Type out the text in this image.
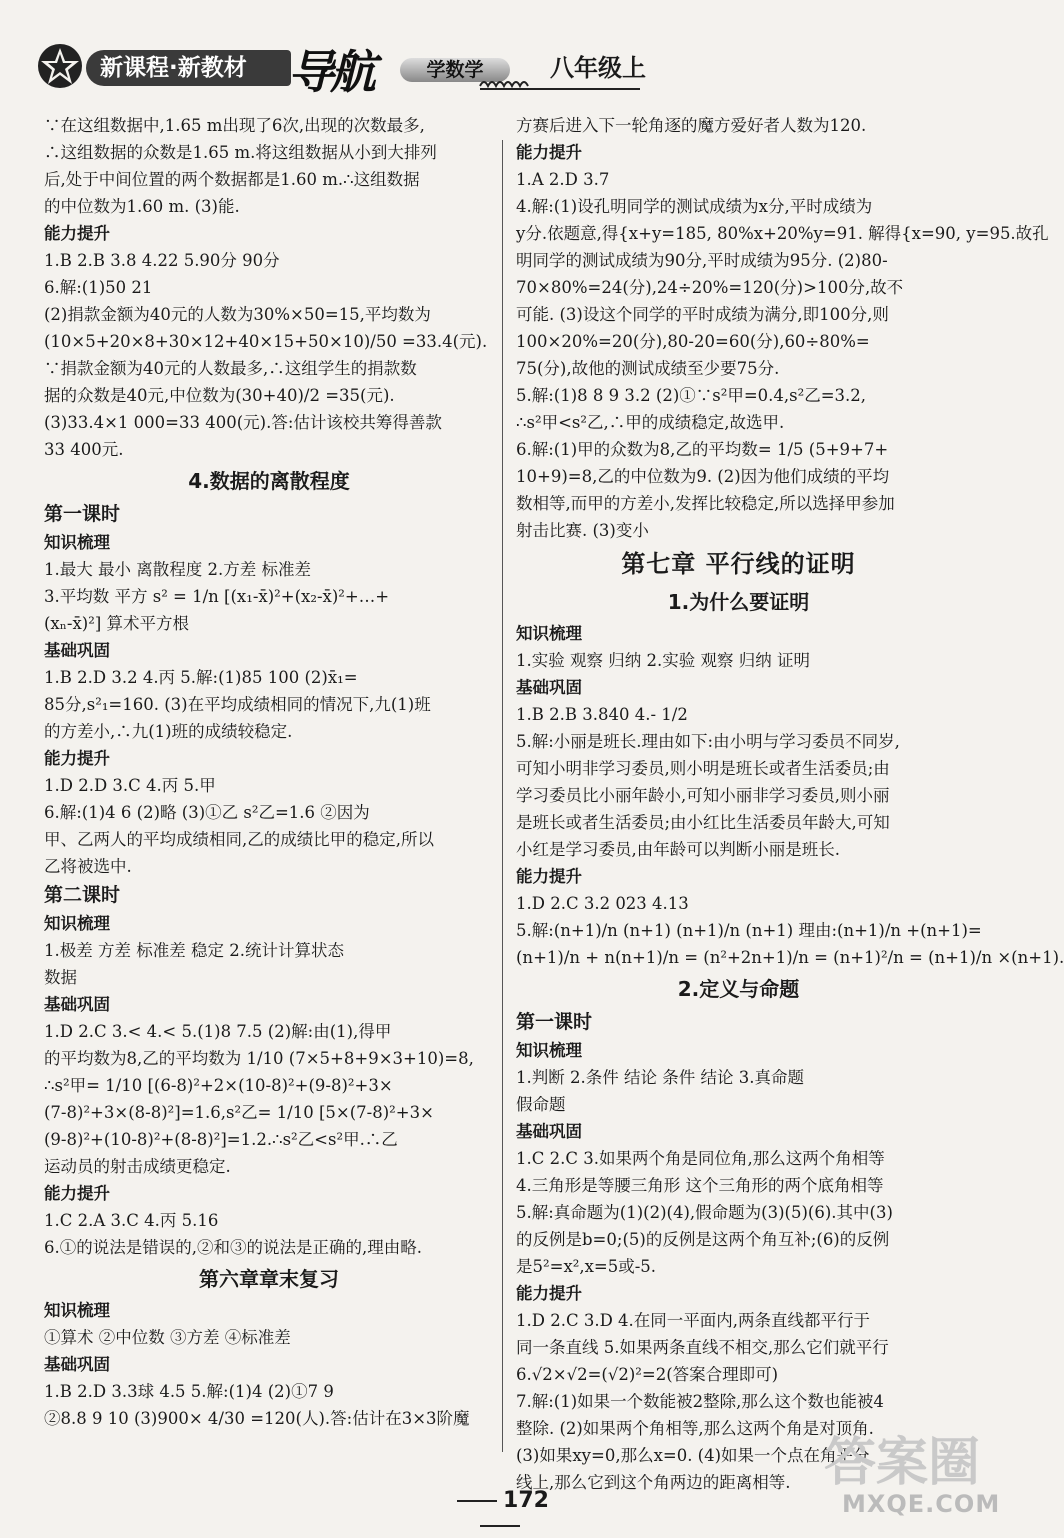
新课程·新教材 导航	学数学	八年级上
∵在这组数据中,1.65 m出现了6次,出现的次数最多,
∴这组数据的众数是1.65 m.将这组数据从小到大排列
后,处于中间位置的两个数据都是1.60 m.∴这组数据
的中位数为1.60 m. (3)能.
能力提升
1.B 2.B 3.8 4.22 5.90分 90分
6.解:(1)50 21
(2)捐款金额为40元的人数为30%×50=15,平均数为
(10×5+20×8+30×12+40×15+50×10)/50 =33.4(元).
∵捐款金额为40元的人数最多,∴这组学生的捐款数
据的众数是40元,中位数为(30+40)/2 =35(元).
(3)33.4×1 000=33 400(元).答:估计该校共筹得善款
33 400元.
4.数据的离散程度
第一课时
知识梳理
1.最大 最小 离散程度 2.方差 标准差
3.平均数 平方 s² = 1/n [(x₁-x̄)²+(x₂-x̄)²+…+
(xₙ-x̄)²] 算术平方根
基础巩固
1.B 2.D 3.2 4.丙 5.解:(1)85 100 (2)x̄₁=
85分,s²₁=160. (3)在平均成绩相同的情况下,九(1)班
的方差小,∴九(1)班的成绩较稳定.
能力提升
1.D 2.D 3.C 4.丙 5.甲
6.解:(1)4 6 (2)略 (3)①乙 s²乙=1.6 ②因为
甲、乙两人的平均成绩相同,乙的成绩比甲的稳定,所以
乙将被选中.
第二课时
知识梳理
1.极差 方差 标准差 稳定 2.统计计算状态
数据
基础巩固
1.D 2.C 3.< 4.< 5.(1)8 7.5 (2)解:由(1),得甲
的平均数为8,乙的平均数为 1/10 (7×5+8+9×3+10)=8,
∴s²甲= 1/10 [(6-8)²+2×(10-8)²+(9-8)²+3×
(7-8)²+3×(8-8)²]=1.6,s²乙= 1/10 [5×(7-8)²+3×
(9-8)²+(10-8)²+(8-8)²]=1.2.∴s²乙<s²甲.∴乙
运动员的射击成绩更稳定.
能力提升
1.C 2.A 3.C 4.丙 5.16
6.①的说法是错误的,②和③的说法是正确的,理由略.
第六章章末复习
知识梳理
①算术 ②中位数 ③方差 ④标准差
基础巩固
1.B 2.D 3.3球 4.5 5.解:(1)4 (2)①7 9
②8.8 9 10 (3)900× 4/30 =120(人).答:估计在3×3阶魔
方赛后进入下一轮角逐的魔方爱好者人数为120.
能力提升
1.A 2.D 3.7
4.解:(1)设孔明同学的测试成绩为x分,平时成绩为
y分.依题意,得{x+y=185, 80%x+20%y=91. 解得{x=90, y=95.故孔
明同学的测试成绩为90分,平时成绩为95分. (2)80-
70×80%=24(分),24÷20%=120(分)>100分,故不
可能. (3)设这个同学的平时成绩为满分,即100分,则
100×20%=20(分),80-20=60(分),60÷80%=
75(分),故他的测试成绩至少要75分.
5.解:(1)8 8 9 3.2 (2)①∵s²甲=0.4,s²乙=3.2,
∴s²甲<s²乙,∴甲的成绩稳定,故选甲.
6.解:(1)甲的众数为8,乙的平均数= 1/5 (5+9+7+
10+9)=8,乙的中位数为9. (2)因为他们成绩的平均
数相等,而甲的方差小,发挥比较稳定,所以选择甲参加
射击比赛. (3)变小
第七章 平行线的证明
1.为什么要证明
知识梳理
1.实验 观察 归纳 2.实验 观察 归纳 证明
基础巩固
1.B 2.B 3.840 4.- 1/2
5.解:小丽是班长.理由如下:由小明与学习委员不同岁,
可知小明非学习委员,则小明是班长或者生活委员;由
学习委员比小丽年龄小,可知小丽非学习委员,则小丽
是班长或者生活委员;由小红比生活委员年龄大,可知
小红是学习委员,由年龄可以判断小丽是班长.
能力提升
1.D 2.C 3.2 023 4.13
5.解:(n+1)/n (n+1) (n+1)/n (n+1) 理由:(n+1)/n +(n+1)=
(n+1)/n + n(n+1)/n = (n²+2n+1)/n = (n+1)²/n = (n+1)/n ×(n+1).
2.定义与命题
第一课时
知识梳理
1.判断 2.条件 结论 条件 结论 3.真命题
假命题
基础巩固
1.C 2.C 3.如果两个角是同位角,那么这两个角相等
4.三角形是等腰三角形 这个三角形的两个底角相等
5.解:真命题为(1)(2)(4),假命题为(3)(5)(6).其中(3)
的反例是b=0;(5)的反例是这两个角互补;(6)的反例
是5²=x²,x=5或-5.
能力提升
1.D 2.C 3.D 4.在同一平面内,两条直线都平行于
同一条直线 5.如果两条直线不相交,那么它们就平行
6.√2×√2=(√2)²=2(答案合理即可)
7.解:(1)如果一个数能被2整除,那么这个数也能被4
整除. (2)如果两个角相等,那么这两个角是对顶角.
(3)如果xy=0,那么x=0. (4)如果一个点在角平分
线上,那么它到这个角两边的距离相等.
172
答案圈
MXQE.COM
